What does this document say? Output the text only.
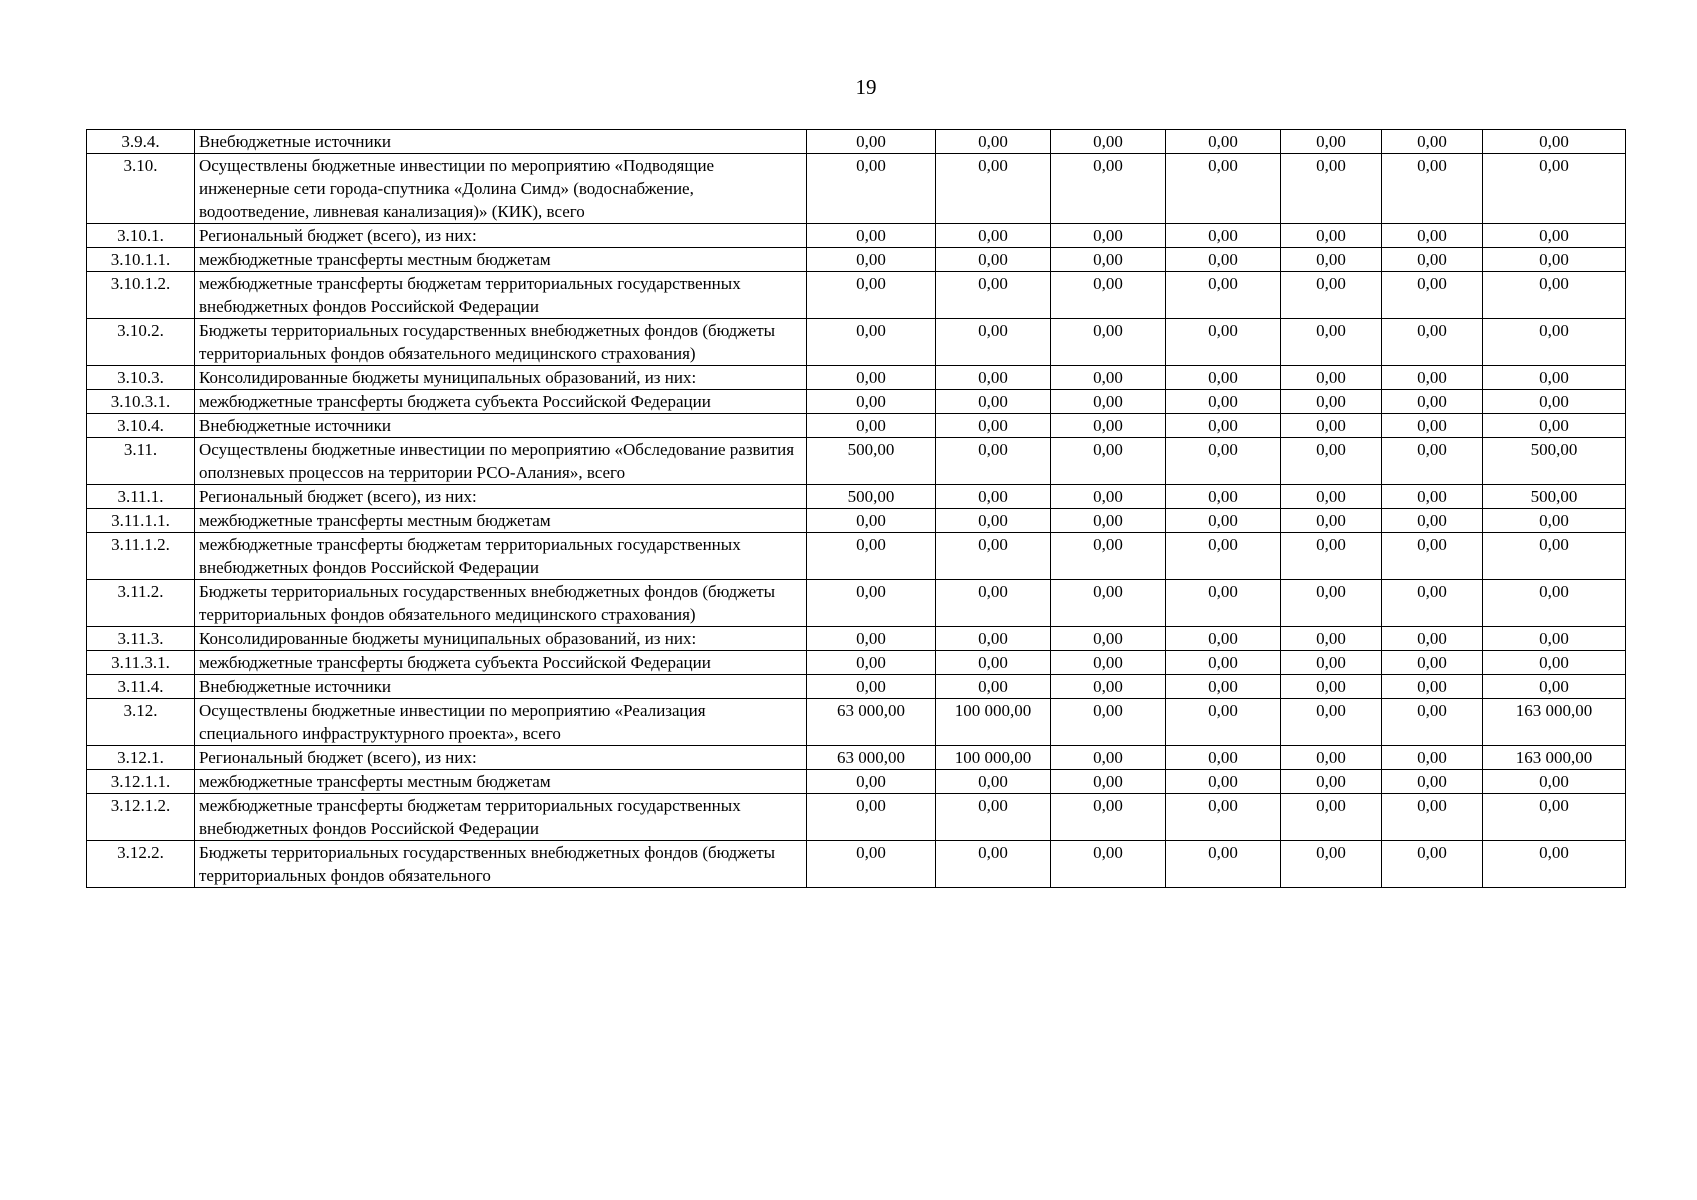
19
3.9.4.	Внебюджетные источники	0,00	0,00	0,00	0,00	0,00	0,00	0,00
3.10.	Осуществлены бюджетные инвестиции по мероприятию «Подводящие инженерные сети города-спутника «Долина Симд» (водоснабжение, водоотведение, ливневая канализация)» (КИК), всего	0,00	0,00	0,00	0,00	0,00	0,00	0,00
3.10.1.	Региональный бюджет (всего), из них:	0,00	0,00	0,00	0,00	0,00	0,00	0,00
3.10.1.1.	межбюджетные трансферты местным бюджетам	0,00	0,00	0,00	0,00	0,00	0,00	0,00
3.10.1.2.	межбюджетные трансферты бюджетам территориальных государственных внебюджетных фондов Российской Федерации	0,00	0,00	0,00	0,00	0,00	0,00	0,00
3.10.2.	Бюджеты территориальных государственных внебюджетных фондов (бюджеты территориальных фондов обязательного медицинского страхования)	0,00	0,00	0,00	0,00	0,00	0,00	0,00
3.10.3.	Консолидированные бюджеты муниципальных образований, из них:	0,00	0,00	0,00	0,00	0,00	0,00	0,00
3.10.3.1.	межбюджетные трансферты бюджета субъекта Российской Федерации	0,00	0,00	0,00	0,00	0,00	0,00	0,00
3.10.4.	Внебюджетные источники	0,00	0,00	0,00	0,00	0,00	0,00	0,00
3.11.	Осуществлены бюджетные инвестиции по мероприятию «Обследование развития оползневых процессов на территории РСО-Алания», всего	500,00	0,00	0,00	0,00	0,00	0,00	500,00
3.11.1.	Региональный бюджет (всего), из них:	500,00	0,00	0,00	0,00	0,00	0,00	500,00
3.11.1.1.	межбюджетные трансферты местным бюджетам	0,00	0,00	0,00	0,00	0,00	0,00	0,00
3.11.1.2.	межбюджетные трансферты бюджетам территориальных государственных внебюджетных фондов Российской Федерации	0,00	0,00	0,00	0,00	0,00	0,00	0,00
3.11.2.	Бюджеты территориальных государственных внебюджетных фондов (бюджеты территориальных фондов обязательного медицинского страхования)	0,00	0,00	0,00	0,00	0,00	0,00	0,00
3.11.3.	Консолидированные бюджеты муниципальных образований, из них:	0,00	0,00	0,00	0,00	0,00	0,00	0,00
3.11.3.1.	межбюджетные трансферты бюджета субъекта Российской Федерации	0,00	0,00	0,00	0,00	0,00	0,00	0,00
3.11.4.	Внебюджетные источники	0,00	0,00	0,00	0,00	0,00	0,00	0,00
3.12.	Осуществлены бюджетные инвестиции по мероприятию «Реализация специального инфраструктурного проекта», всего	63 000,00	100 000,00	0,00	0,00	0,00	0,00	163 000,00
3.12.1.	Региональный бюджет (всего), из них:	63 000,00	100 000,00	0,00	0,00	0,00	0,00	163 000,00
3.12.1.1.	межбюджетные трансферты местным бюджетам	0,00	0,00	0,00	0,00	0,00	0,00	0,00
3.12.1.2.	межбюджетные трансферты бюджетам территориальных государственных внебюджетных фондов Российской Федерации	0,00	0,00	0,00	0,00	0,00	0,00	0,00
3.12.2.	Бюджеты территориальных государственных внебюджетных фондов (бюджеты территориальных фондов обязательного	0,00	0,00	0,00	0,00	0,00	0,00	0,00
